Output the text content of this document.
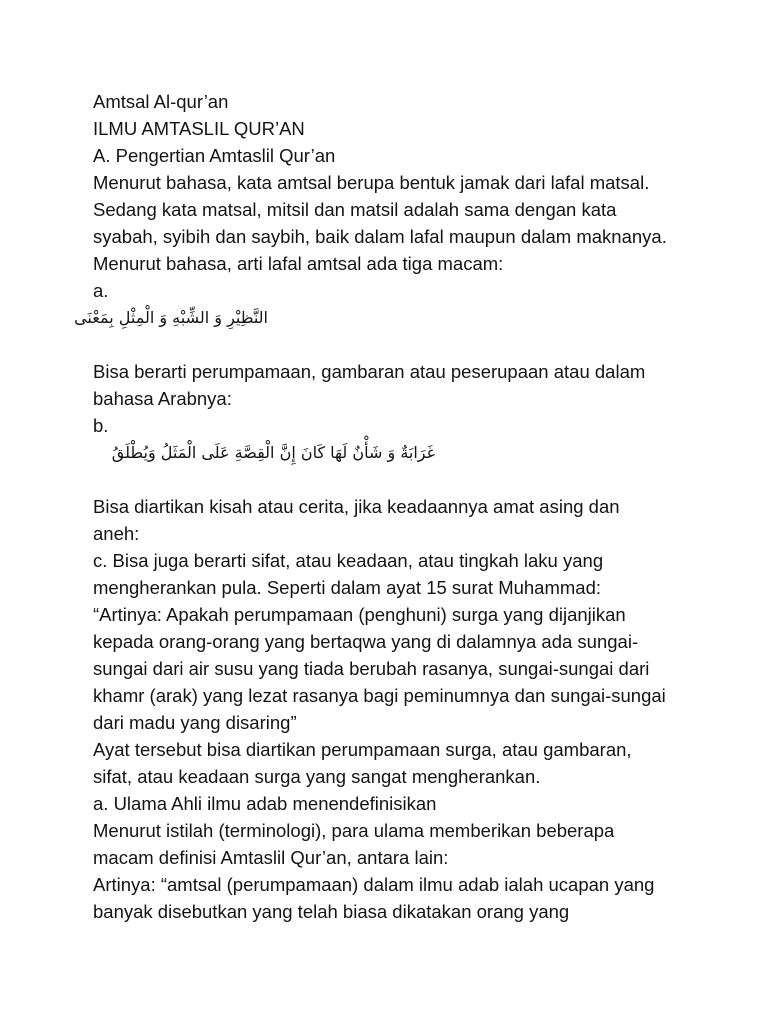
Amtsal Al-qur’an
ILMU AMTASLIL QUR’AN
A. Pengertian Amtaslil Qur’an
Menurut bahasa, kata amtsal berupa bentuk jamak dari lafal matsal.
Sedang kata matsal, mitsil dan matsil adalah sama dengan kata
syabah, syibih dan saybih, baik dalam lafal maupun dalam maknanya.
Menurut bahasa, arti lafal amtsal ada tiga macam:
a.
النَّظِيْرِ وَ الشِّبْهِ وَ الْمِثْلِ بِمَعْنَى
Bisa berarti perumpamaan, gambaran atau peserupaan atau dalam
bahasa Arabnya:
b.
غَرَابَةٌ وَ شَأْنٌ لَهَا كَانَ إِنَّ الْقِصَّةِ عَلَى الْمَثَلُ وَيُطْلَقُ
Bisa diartikan kisah atau cerita, jika keadaannya amat asing dan
aneh:
c. Bisa juga berarti sifat, atau keadaan, atau tingkah laku yang
mengherankan pula. Seperti dalam ayat 15 surat Muhammad:
“Artinya: Apakah perumpamaan (penghuni) surga yang dijanjikan
kepada orang-orang yang bertaqwa yang di dalamnya ada sungai-
sungai dari air susu yang tiada berubah rasanya, sungai-sungai dari
khamr (arak) yang lezat rasanya bagi peminumnya dan sungai-sungai
dari madu yang disaring”
Ayat tersebut bisa diartikan perumpamaan surga, atau gambaran,
sifat, atau keadaan surga yang sangat mengherankan.
a. Ulama Ahli ilmu adab menendefinisikan
Menurut istilah (terminologi), para ulama memberikan beberapa
macam definisi Amtaslil Qur’an, antara lain:
Artinya: “amtsal (perumpamaan) dalam ilmu adab ialah ucapan yang
banyak disebutkan yang telah biasa dikatakan orang yang
